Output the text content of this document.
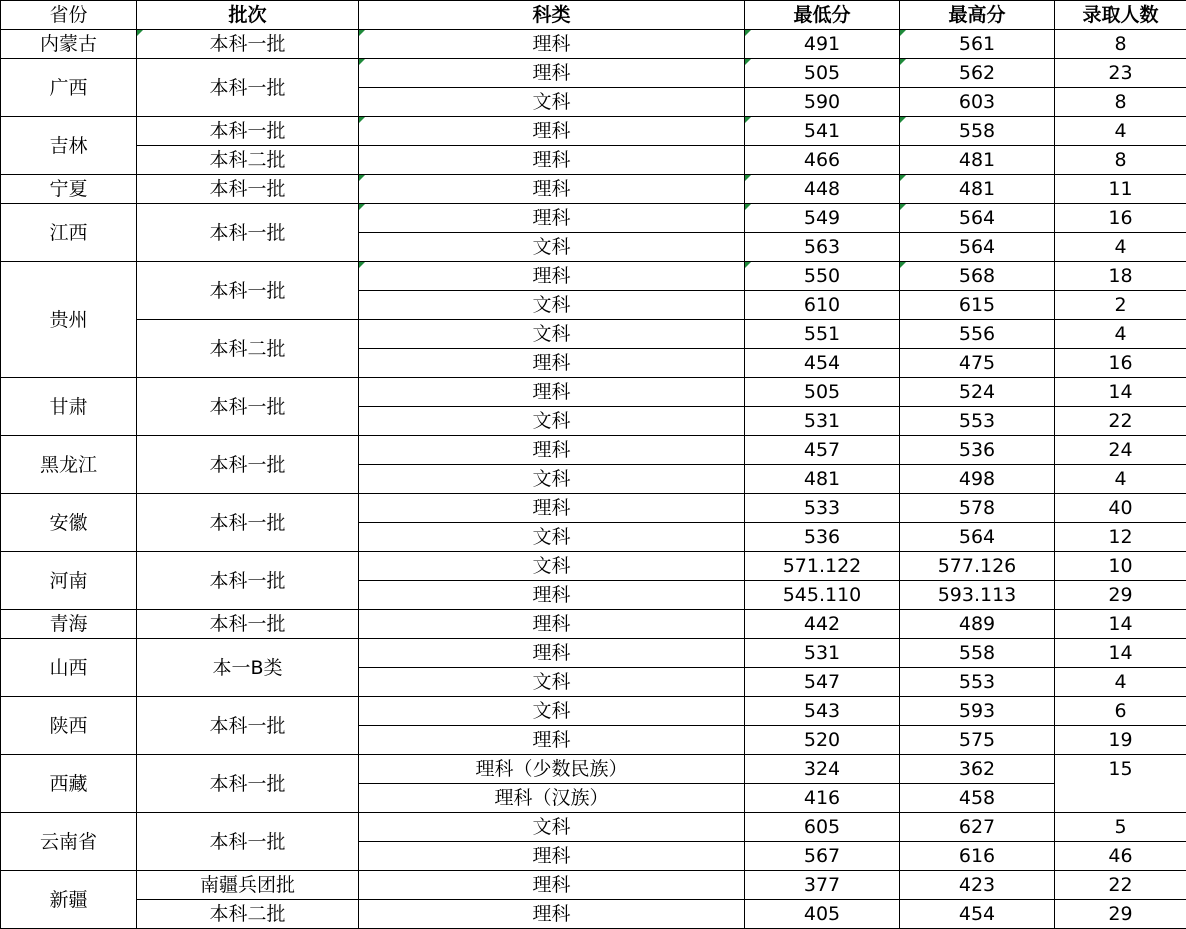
省份	批次	科类	最低分	最高分	录取人数
内蒙古	本科一批	理科	491	561	8
广西	本科一批	理科	505	562	23
		文科	590	603	8
吉林	本科一批	理科	541	558	4
	本科二批	理科	466	481	8
宁夏	本科一批	理科	448	481	11
江西	本科一批	理科	549	564	16
		文科	563	564	4
贵州	本科一批	理科	550	568	18
		文科	610	615	2
	本科二批	文科	551	556	4
		理科	454	475	16
甘肃	本科一批	理科	505	524	14
		文科	531	553	22
黑龙江	本科一批	理科	457	536	24
		文科	481	498	4
安徽	本科一批	理科	533	578	40
		文科	536	564	12
河南	本科一批	文科	571.122	577.126	10
		理科	545.110	593.113	29
青海	本科一批	理科	442	489	14
山西	本一B类	理科	531	558	14
		文科	547	553	4
陕西	本科一批	文科	543	593	6
		理科	520	575	19
西藏	本科一批	理科（少数民族）	324	362	15
		理科（汉族）	416	458	
云南省	本科一批	文科	605	627	5
		理科	567	616	46
新疆	南疆兵团批	理科	377	423	22
	本科二批	理科	405	454	29
